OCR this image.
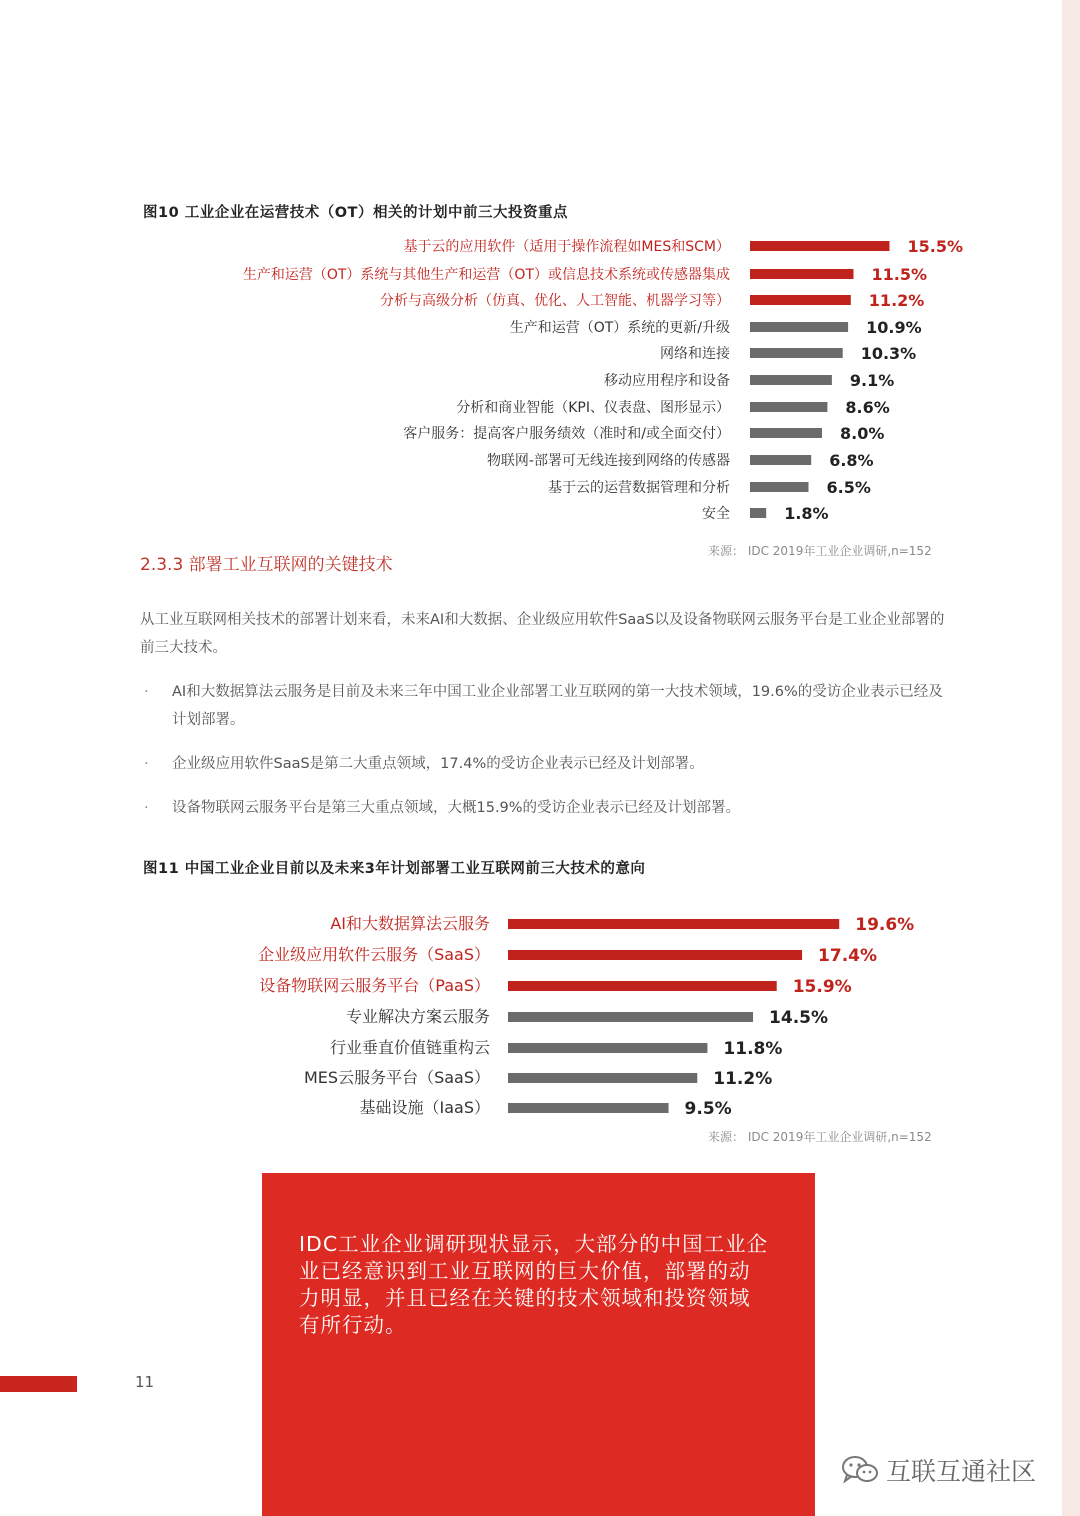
图10 工业企业在运营技术（OT）相关的计划中前三大投资重点
基于云的应用软件（适用于操作流程如MES和SCM）	15.5%
生产和运营（OT）系统与其他生产和运营（OT）或信息技术系统或传感器集成	11.5%
分析与高级分析（仿真、优化、人工智能、机器学习等）	11.2%
生产和运营（OT）系统的更新/升级	10.9%
网络和连接	10.3%
移动应用程序和设备	9.1%
分析和商业智能（KPI、仪表盘、图形显示）	8.6%
客户服务：提高客户服务绩效（准时和/或全面交付）	8.0%
物联网-部署可无线连接到网络的传感器	6.8%
基于云的运营数据管理和分析	6.5%
安全	1.8%
来源： IDC 2019年工业企业调研,n=152
2.3.3 部署工业互联网的关键技术

从工业互联网相关技术的部署计划来看，未来AI和大数据、企业级应用软件SaaS以及设备物联网云服务平台是工业企业部署的前三大技术。

· AI和大数据算法云服务是目前及未来三年中国工业企业部署工业互联网的第一大技术领域，19.6%的受访企业表示已经及计划部署。
· 企业级应用软件SaaS是第二大重点领域，17.4%的受访企业表示已经及计划部署。
· 设备物联网云服务平台是第三大重点领域，大概15.9%的受访企业表示已经及计划部署。
图11 中国工业企业目前以及未来3年计划部署工业互联网前三大技术的意向
AI和大数据算法云服务	19.6%
企业级应用软件云服务（SaaS）	17.4%
设备物联网云服务平台（PaaS）	15.9%
专业解决方案云服务	14.5%
行业垂直价值链重构云	11.8%
MES云服务平台（SaaS）	11.2%
基础设施（IaaS）	9.5%
来源： IDC 2019年工业企业调研,n=152

IDC工业企业调研现状显示，大部分的中国工业企业已经意识到工业互联网的巨大价值，部署的动力明显，并且已经在关键的技术领域和投资领域有所行动。

11
互联互通社区
